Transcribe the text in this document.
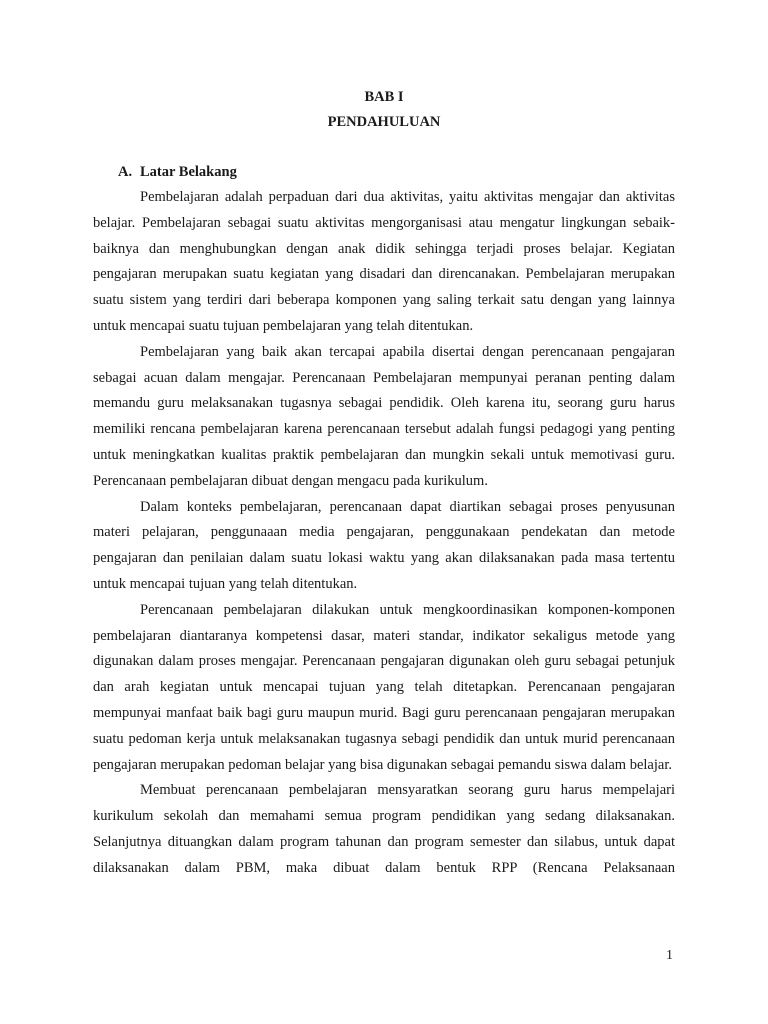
BAB I
PENDAHULUAN
A. Latar Belakang

Pembelajaran adalah perpaduan dari dua aktivitas, yaitu aktivitas mengajar dan aktivitas belajar. Pembelajaran sebagai suatu aktivitas mengorganisasi atau mengatur lingkungan sebaik-baiknya dan menghubungkan dengan anak didik sehingga terjadi proses belajar. Kegiatan pengajaran merupakan suatu kegiatan yang disadari dan direncanakan. Pembelajaran merupakan suatu sistem yang terdiri dari beberapa komponen yang saling terkait satu dengan yang lainnya untuk mencapai suatu tujuan pembelajaran yang telah ditentukan.

Pembelajaran yang baik akan tercapai apabila disertai dengan perencanaan pengajaran sebagai acuan dalam mengajar. Perencanaan Pembelajaran mempunyai peranan penting dalam memandu guru melaksanakan tugasnya sebagai pendidik. Oleh karena itu, seorang guru harus memiliki rencana pembelajaran karena perencanaan tersebut adalah fungsi pedagogi yang penting untuk meningkatkan kualitas praktik pembelajaran dan mungkin sekali untuk memotivasi guru. Perencanaan pembelajaran dibuat dengan mengacu pada kurikulum.

Dalam konteks pembelajaran, perencanaan dapat diartikan sebagai proses penyusunan materi pelajaran, penggunaaan media pengajaran, penggunakaan pendekatan dan metode pengajaran dan penilaian dalam suatu lokasi waktu yang akan dilaksanakan pada masa tertentu untuk mencapai tujuan yang telah ditentukan.

Perencanaan pembelajaran dilakukan untuk mengkoordinasikan komponen-komponen pembelajaran diantaranya kompetensi dasar, materi standar, indikator sekaligus metode yang digunakan dalam proses mengajar. Perencanaan pengajaran digunakan oleh guru sebagai petunjuk dan arah kegiatan untuk mencapai tujuan yang telah ditetapkan. Perencanaan pengajaran mempunyai manfaat baik bagi guru maupun murid. Bagi guru perencanaan pengajaran merupakan suatu pedoman kerja untuk melaksanakan tugasnya sebagi pendidik dan untuk murid perencanaan pengajaran merupakan pedoman belajar yang bisa digunakan sebagai pemandu siswa dalam belajar.

Membuat perencanaan pembelajaran mensyaratkan seorang guru harus mempelajari kurikulum sekolah dan memahami semua program pendidikan yang sedang dilaksanakan. Selanjutnya dituangkan dalam program tahunan dan program semester dan silabus, untuk dapat dilaksanakan dalam PBM, maka dibuat dalam bentuk RPP (Rencana Pelaksanaan

1
